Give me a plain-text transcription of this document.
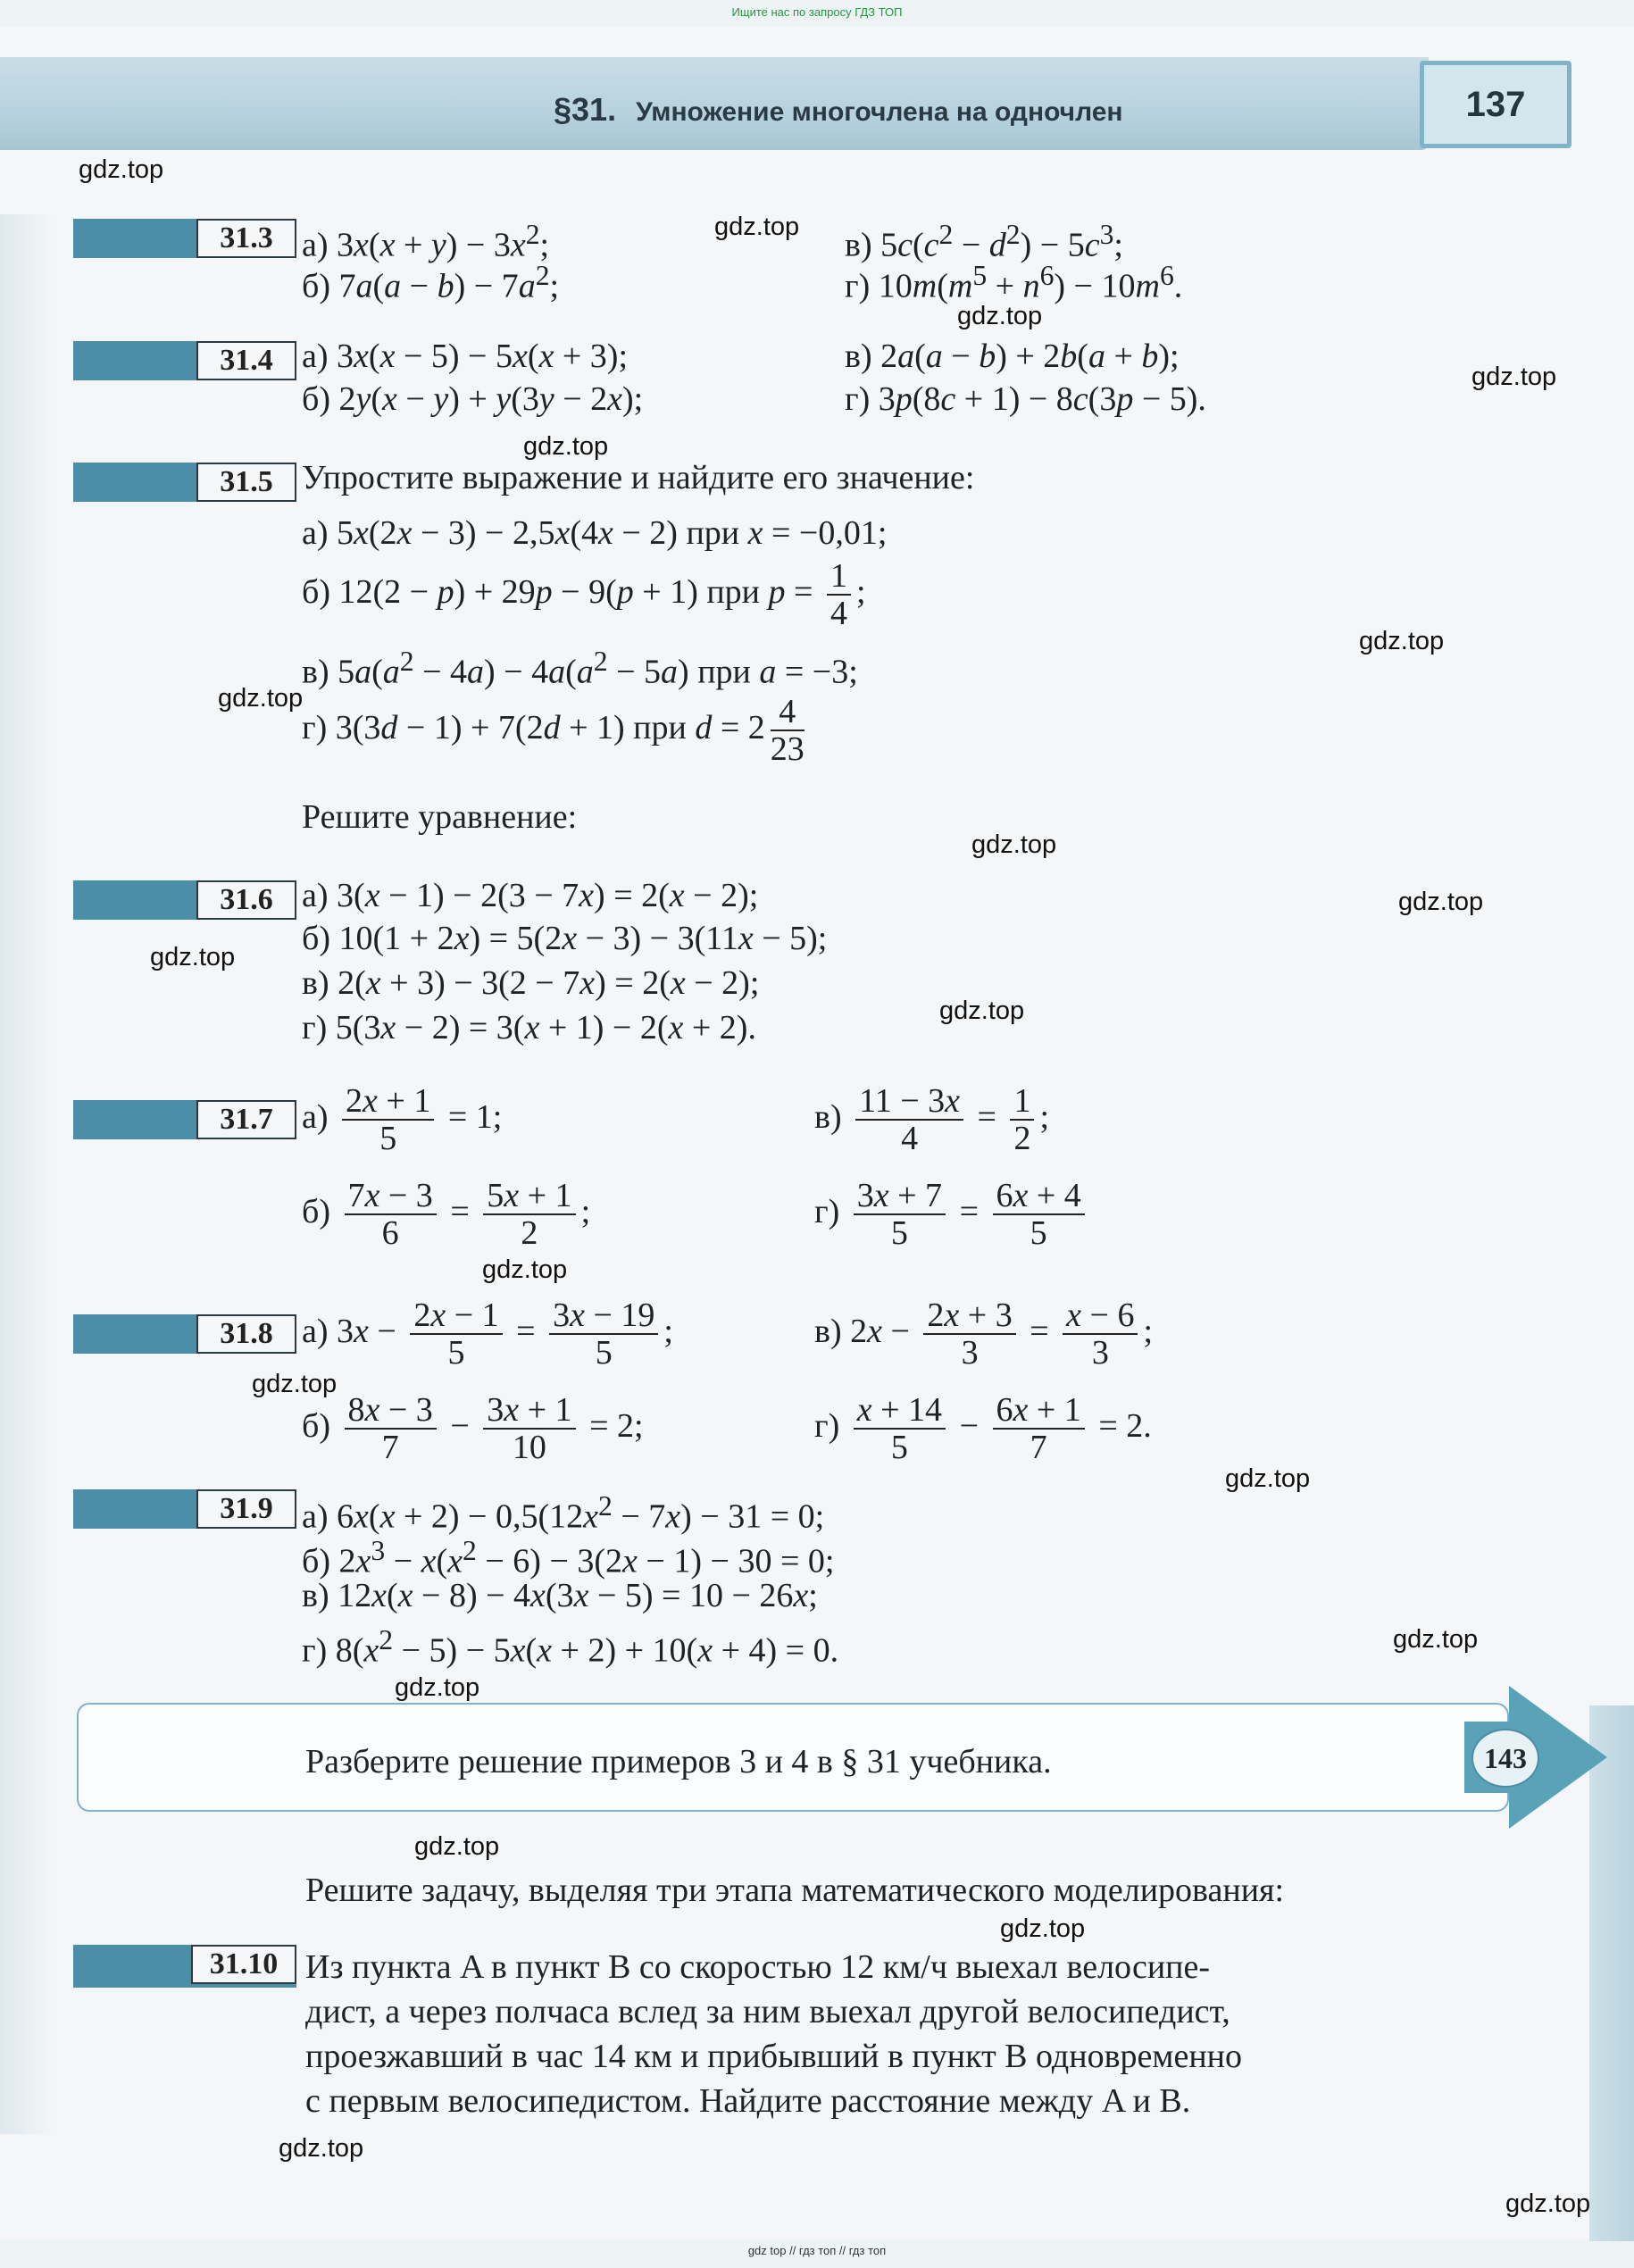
Ищите нас по запросу ГДЗ ТОП
§31. Умножение многочлена на одночлен	137
31.3 а) $3x(x + y) - 3x^2$;	в) $5c(c^2 - d^2) - 5c^3$;
б) $7a(a - b) - 7a^2$;	г) $10m(m^5 + n^6) - 10m^6$.
31.4 а) 3x(x − 5) − 5x(x + 3);	в) 2a(a − b) + 2b(a + b);
б) 2y(x − y) + y(3y − 2x);	г) 3p(8c + 1) − 8c(3p − 5).
31.5 Упростите выражение и найдите его значение:
а) 5x(2x − 3) − 2,5x(4x − 2) при x = −0,01;
б) 12(2 − p) + 29p − 9(p + 1) при $p = \frac{1}{4}$ ;
в) $5a(a^2 - 4a) - 4a(a^2 - 5a)$ при a = −3;
г) 3(3d − 1) + 7(2d + 1) при $d = 2 \frac{4}{23}$
Решите уравнение:
31.6 а) 3(x − 1) − 2(3 − 7x) = 2(x − 2);
б) 10(1 + 2x) = 5(2x − 3) − 3(11x − 5);
в) 2(x + 3) − 3(2 − 7x) = 2(x − 2);
г) 5(3x − 2) = 3(x + 1) − 2(x + 2).
31.7 $а) \frac{2x + 1}{5} = 1$;	$в) \frac{11 - 3x}{4} = \frac{1}{2}$ ;
$б) \frac{7x - 3}{6} = \frac{5x + 1}{2}$ ;	$г) \frac{3x + 7}{5} = \frac{6x + 4}{5}$
31.8 а) $3x - \frac{2x - 1}{5} = \frac{3x - 19}{5}$ ;	в) $2x - \frac{2x + 3}{3} = \frac{x - 6}{3}$ ;
$б) \frac{8x - 3}{7} - \frac{3x + 1}{10} = 2$;	$г) \frac{x + 14}{5} - \frac{6x + 1}{7} = 2$.
31.9 а) $6x(x + 2) - 0,5(12x^2 - 7x) - 31 = 0$;
б) $2x^3 - x(x^2 - 6) - 3(2x - 1) - 30 = 0$;
в) 12x(x − 8) − 4x(3x − 5) = 10 − 26x;
г) $8(x^2 - 5) - 5x(x + 2) + 10(x + 4) = 0$.
143
Разберите решение примеров 3 и 4 в § 31 учебника.
Решите задачу, выделяя три этапа математического моделирования:
31.10 Из пункта A в пункт B со скоростью 12 км/ч выехал велосипе-
дист, а через полчаса вслед за ним выехал другой велосипедист,
проезжавший в час 14 км и прибывший в пункт B одновременно
с первым велосипедистом. Найдите расстояние между A и B.
gdz.top
gdz.top
gdz.top
gdz.top
gdz.top
gdz.top
gdz.top
gdz.top
gdz.top
gdz.top
gdz.top
gdz.top
gdz.top
gdz.top
gdz.top
gdz.top
gdz.top
gdz.top
gdz.top
gdz.top
gdz top // гдз топ // гдз топ
